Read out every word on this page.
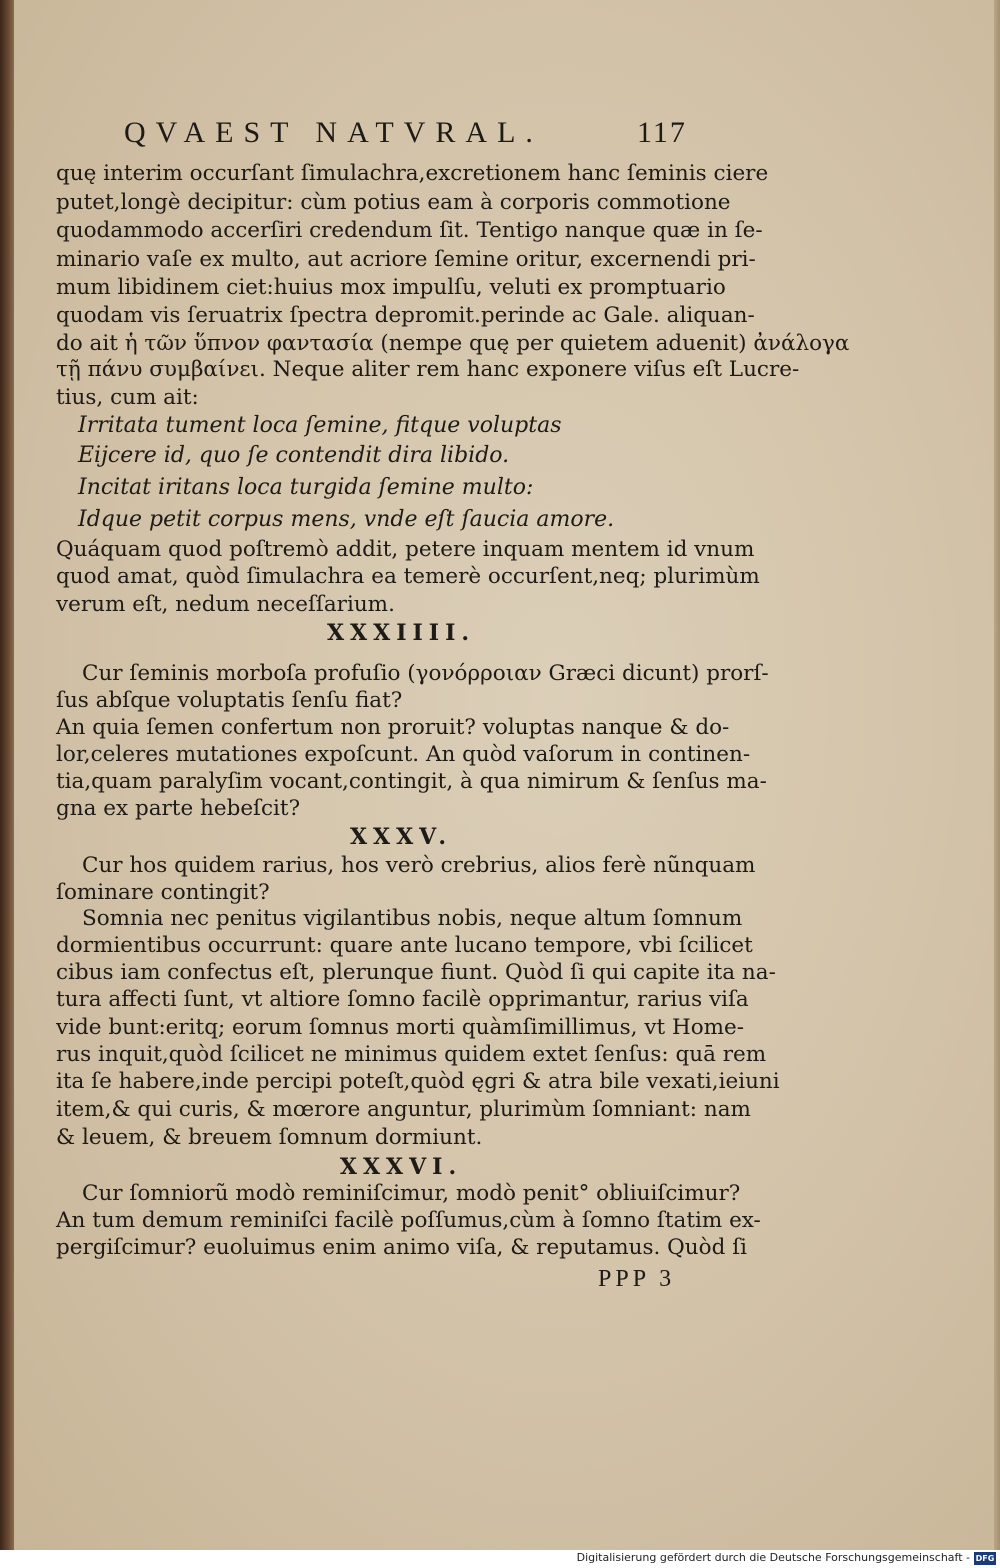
QVAEST NATVRAL.	117
quę interim occurſant ſimulachra,excretionem hanc ſeminis ciere
putet,longè decipitur: cùm potius eam à corporis commotione
quodammodo accerſiri credendum ſit. Tentigo nanque quæ in ſe-
minario vaſe ex multo, aut acriore ſemine oritur, excernendi pri-
mum libidinem ciet:huius mox impulſu, veluti ex promptuario
quodam vis ſeruatrix ſpectra depromit.perinde ac Gale. aliquan-
do ait ἡ τῶν ὕπνον φαντασία (nempe quę per quietem aduenit) ἀνάλογα
τῇ πάνυ συμβαίνει. Neque aliter rem hanc exponere viſus eſt Lucre-
tius, cum ait:
Irritata tument loca ſemine, fitque voluptas
Eijcere id, quo ſe contendit dira libido.
Incitat iritans loca turgida ſemine multo:
Idque petit corpus mens, vnde eſt ſaucia amore.
Quáquam quod poſtremò addit, petere inquam mentem id vnum
quod amat, quòd ſimulachra ea temerè occurſent,neq; plurimùm
verum eſt, nedum neceſſarium.
XXXIIII.
Cur ſeminis morboſa profuſio (γονόρροιαν Græci dicunt) prorſ-
ſus abſque voluptatis ſenſu fiat?
An quia ſemen confertum non proruit? voluptas nanque & do-
lor,celeres mutationes expoſcunt. An quòd vaſorum in continen-
tia,quam paralyſim vocant,contingit, à qua nimirum & ſenſus ma-
gna ex parte hebeſcit?
XXXV.
Cur hos quidem rarius, hos verò crebrius, alios ferè nũnquam
ſominare contingit?
Somnia nec penitus vigilantibus nobis, neque altum ſomnum
dormientibus occurrunt: quare ante lucano tempore, vbi ſcilicet
cibus iam confectus eſt, plerunque fiunt. Quòd ſi qui capite ita na-
tura affecti ſunt, vt altiore ſomno facilè opprimantur, rarius viſa
vide bunt:eritq; eorum ſomnus morti quàmſimillimus, vt Home-
rus inquit,quòd ſcilicet ne minimus quidem extet ſenſus: quā rem
ita ſe habere,inde percipi poteſt,quòd ęgri & atra bile vexati,ieiuni
item,& qui curis, & mœrore anguntur, plurimùm ſomniant: nam
& leuem, & breuem ſomnum dormiunt.
XXXVI.
Cur ſomniorũ modò reminiſcimur, modò penit° obliuiſcimur?
An tum demum reminiſci facilè poſſumus,cùm à ſomno ſtatim ex-
pergiſcimur? euoluimus enim animo viſa, & reputamus. Quòd ſi
PPP 3
Digitalisierung gefördert durch die Deutsche Forschungsgemeinschaft - DFG
